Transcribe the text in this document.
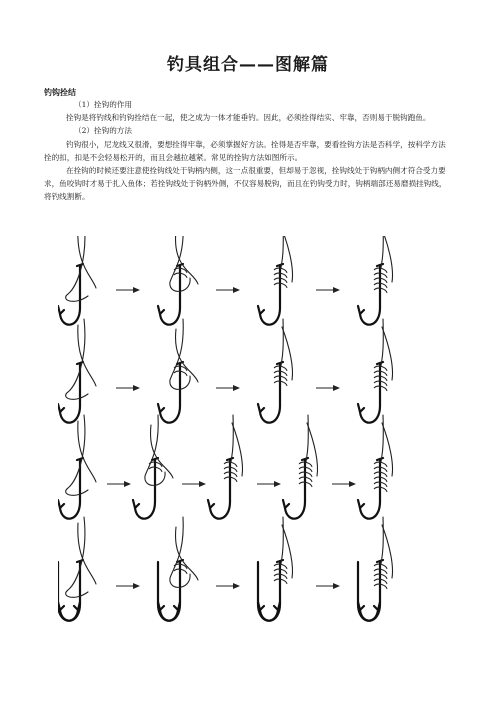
钓具组合——图解篇
钓钩拴结

（1）拴钩的作用

拴钩是将钓线和钓钩拴结在一起，使之成为一体才能垂钓。因此，必须拴得结实、牢靠，否则易于脱钩跑鱼。

（2）拴钩的方法

钓钩很小，尼龙线又很滑，要想拴得牢靠，必须掌握好方法。拴得是否牢靠，要看拴钩方法是否科学，按科学方法拴的扣，扣是不会轻易松开的，而且会越拉越紧。常见的拴钩方法如图所示。

在拴钩的时候还要注意使拴钩线处于钩柄内侧，这一点很重要，但却易于忽视，拴钩线处于钩柄内侧才符合受力要求，鱼咬钩时才易于扎入鱼体；若拴钩线处于钩柄外侧，不仅容易脱钩，而且在钓钩受力时，钩柄端部还易磨损挂钩线，将钓线割断。
